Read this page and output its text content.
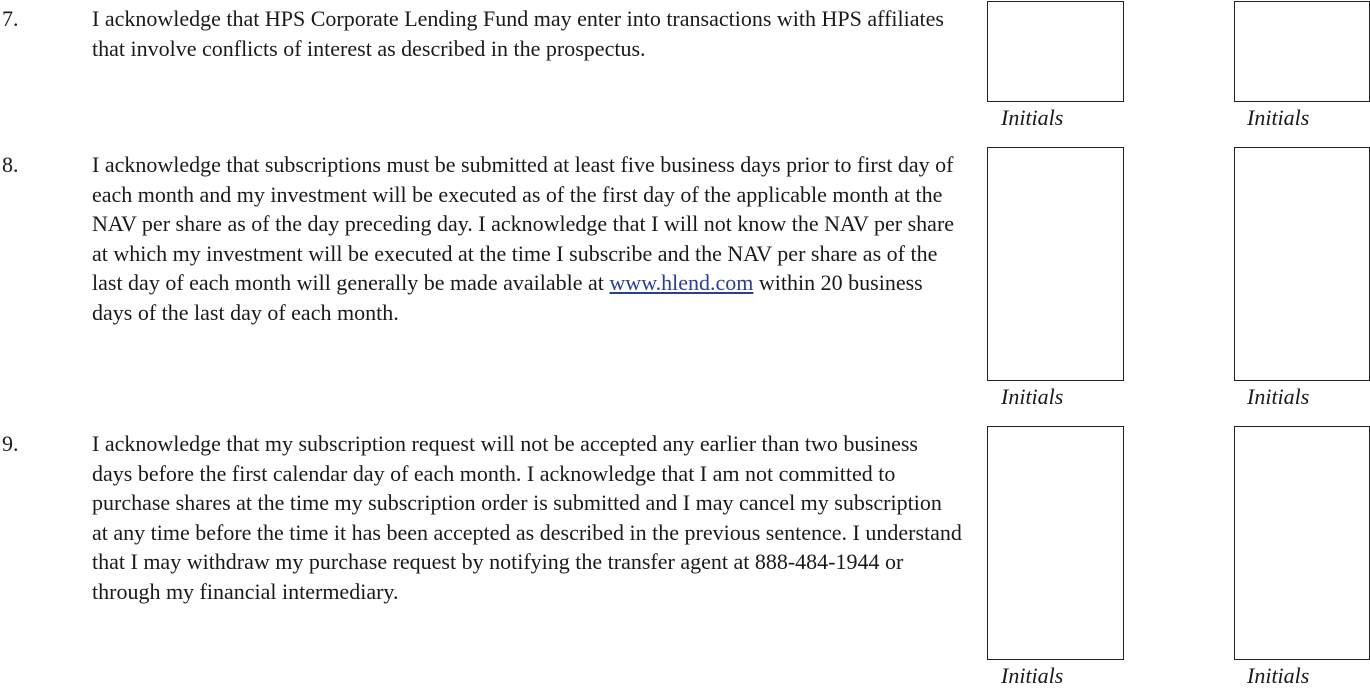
7.	I acknowledge that HPS Corporate Lending Fund may enter into transactions with HPS affiliates that involve conflicts of interest as described in the prospectus.
Initials	Initials
8.	I acknowledge that subscriptions must be submitted at least five business days prior to first day of each month and my investment will be executed as of the first day of the applicable month at the NAV per share as of the day preceding day. I acknowledge that I will not know the NAV per share at which my investment will be executed at the time I subscribe and the NAV per share as of the last day of each month will generally be made available at www.hlend.com within 20 business days of the last day of each month.
Initials	Initials
9.	I acknowledge that my subscription request will not be accepted any earlier than two business days before the first calendar day of each month. I acknowledge that I am not committed to purchase shares at the time my subscription order is submitted and I may cancel my subscription at any time before the time it has been accepted as described in the previous sentence. I understand that I may withdraw my purchase request by notifying the transfer agent at 888-484-1944 or through my financial intermediary.
Initials	Initials
